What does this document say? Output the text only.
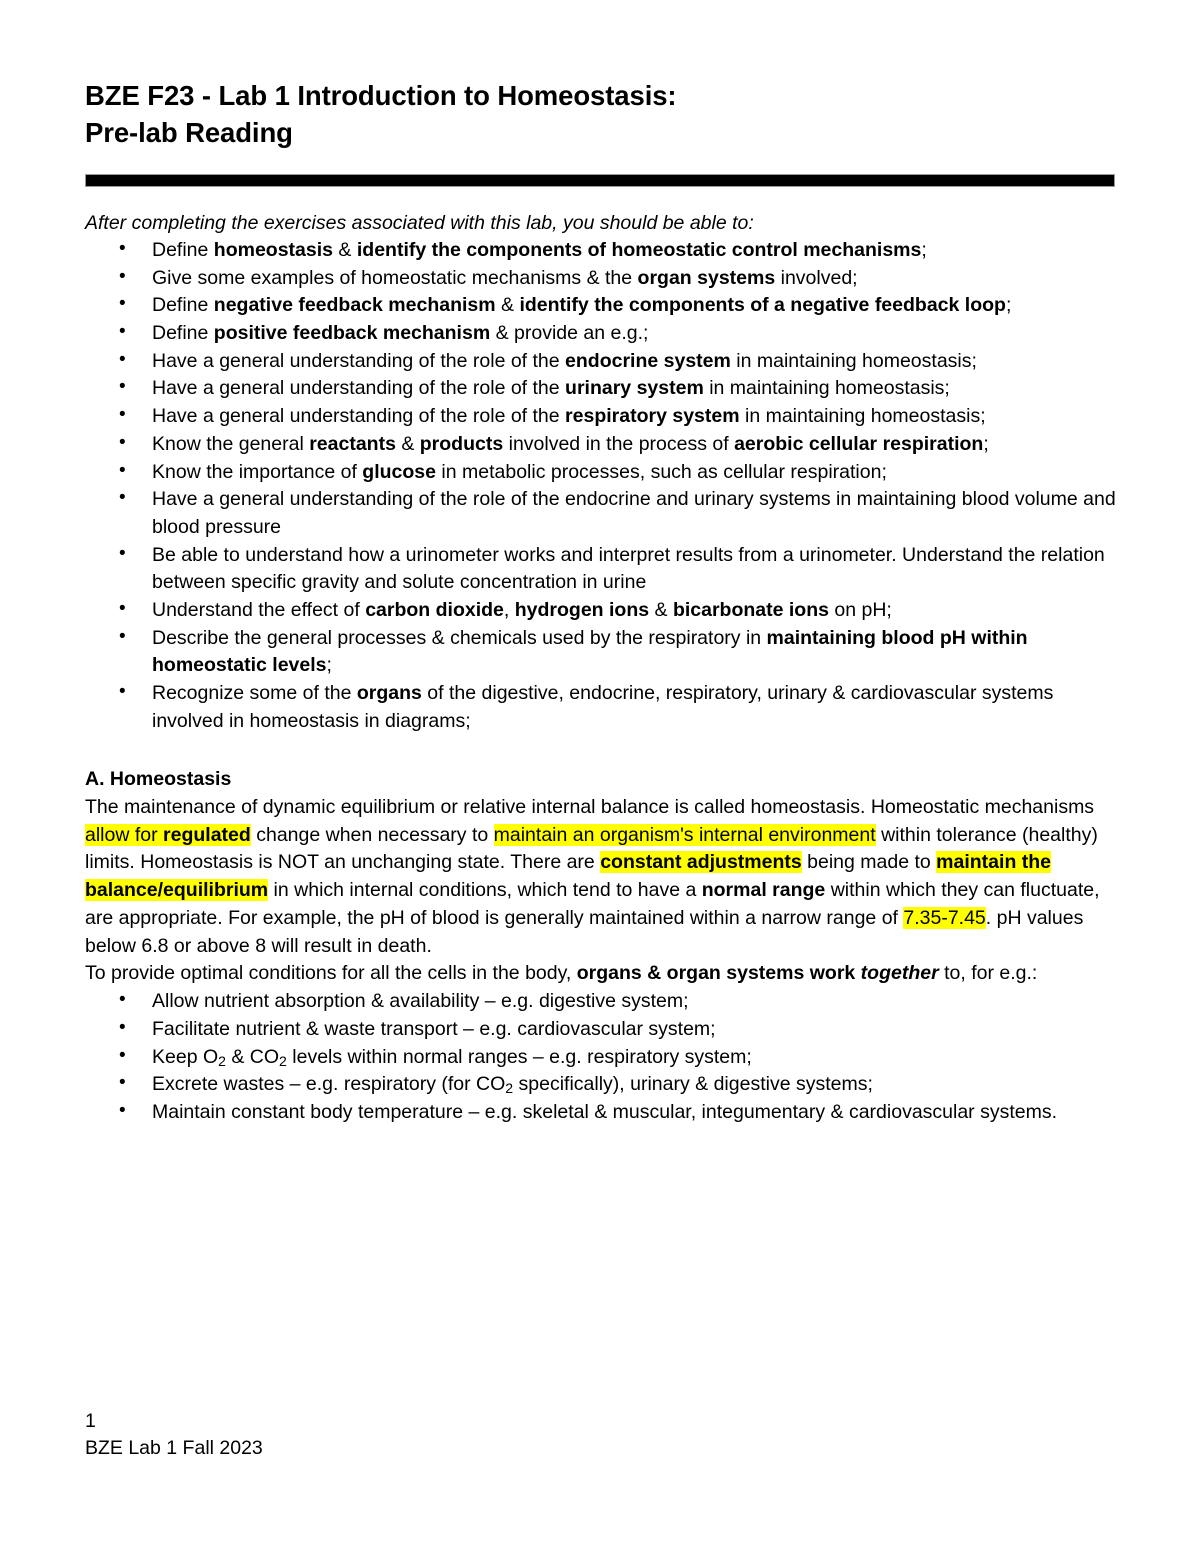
BZE F23 - Lab 1 Introduction to Homeostasis:
Pre-lab Reading
After completing the exercises associated with this lab, you should be able to:
• Define homeostasis & identify the components of homeostatic control mechanisms;
• Give some examples of homeostatic mechanisms & the organ systems involved;
• Define negative feedback mechanism & identify the components of a negative feedback loop;
• Define positive feedback mechanism & provide an e.g.;
• Have a general understanding of the role of the endocrine system in maintaining homeostasis;
• Have a general understanding of the role of the urinary system in maintaining homeostasis;
• Have a general understanding of the role of the respiratory system in maintaining homeostasis;
• Know the general reactants & products involved in the process of aerobic cellular respiration;
• Know the importance of glucose in metabolic processes, such as cellular respiration;
• Have a general understanding of the role of the endocrine and urinary systems in maintaining blood volume and blood pressure
• Be able to understand how a urinometer works and interpret results from a urinometer. Understand the relation between specific gravity and solute concentration in urine
• Understand the effect of carbon dioxide, hydrogen ions & bicarbonate ions on pH;
• Describe the general processes & chemicals used by the respiratory in maintaining blood pH within homeostatic levels;
• Recognize some of the organs of the digestive, endocrine, respiratory, urinary & cardiovascular systems involved in homeostasis in diagrams;
A. Homeostasis

The maintenance of dynamic equilibrium or relative internal balance is called homeostasis. Homeostatic mechanisms allow for regulated change when necessary to maintain an organism's internal environment within tolerance (healthy) limits. Homeostasis is NOT an unchanging state. There are constant adjustments being made to maintain the balance/equilibrium in which internal conditions, which tend to have a normal range within which they can fluctuate, are appropriate. For example, the pH of blood is generally maintained within a narrow range of 7.35-7.45. pH values below 6.8 or above 8 will result in death.

To provide optimal conditions for all the cells in the body, organs & organ systems work together to, for e.g.:

• Allow nutrient absorption & availability – e.g. digestive system;
• Facilitate nutrient & waste transport – e.g. cardiovascular system;
• Keep $O_2$ & $CO_2$ levels within normal ranges – e.g. respiratory system;
• Excrete wastes – e.g. respiratory (for $CO_2$ specifically), urinary & digestive systems;
• Maintain constant body temperature – e.g. skeletal & muscular, integumentary & cardiovascular systems.
1
BZE Lab 1 Fall 2023
